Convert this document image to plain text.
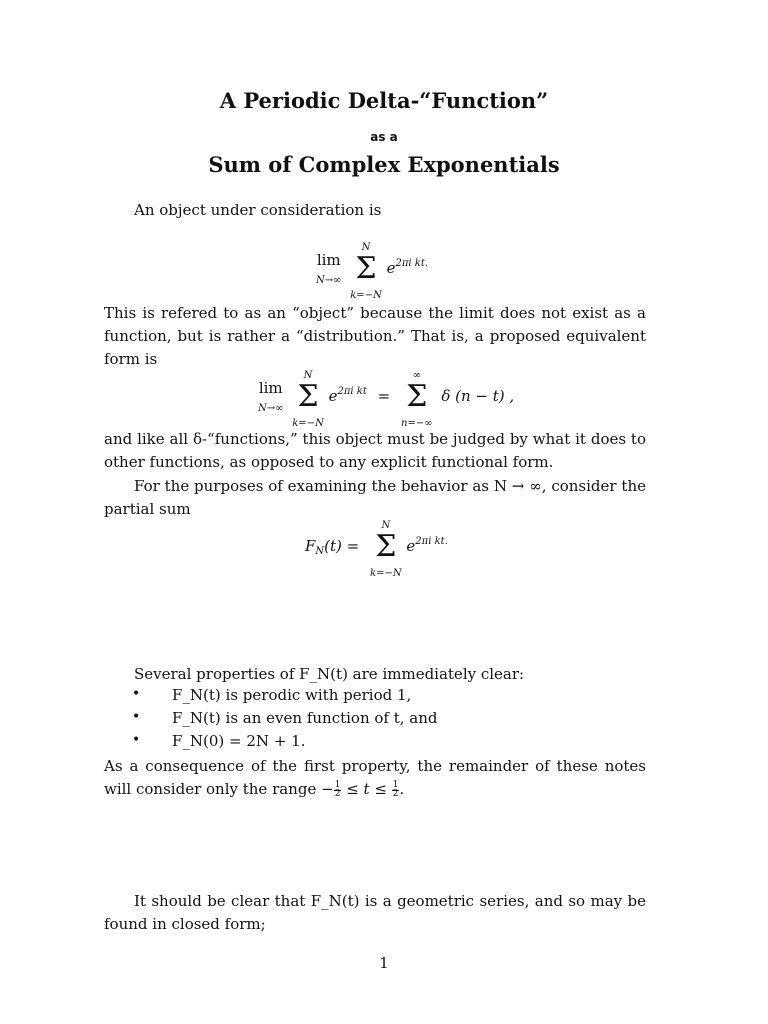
A Periodic Delta-“Function”
as a
Sum of Complex Exponentials
An object under consideration is
lim
N→∞ N
Σ
k=−N $e^{2\pi i kt.}$
This is refered to as an “object” because the limit does not exist as a function, but is rather a “distribution.” That is, a proposed equivalent form is
lim
N→∞ N
Σ
k=−N $e^{2\pi i kt}$ = ∞
Σ
n=−∞ δ (n − t) ,
and like all δ-“functions,” this object must be judged by what it does to other functions, as opposed to any explicit functional form.
For the purposes of examining the behavior as N → ∞, consider the partial sum
$F_N(t) = N$
Σ
k=−N $e^{2\pi i kt.}$
Several properties of F_N(t) are immediately clear:
• F_N(t) is perodic with period 1,
• F_N(t) is an even function of t, and
• F_N(0) = 2N + 1.
As a consequence of the first property, the remainder of these notes will consider only the range $-\frac{1}{2} \le t \le \frac{1}{2}$.
It should be clear that F_N(t) is a geometric series, and so may be found in closed form;
1
